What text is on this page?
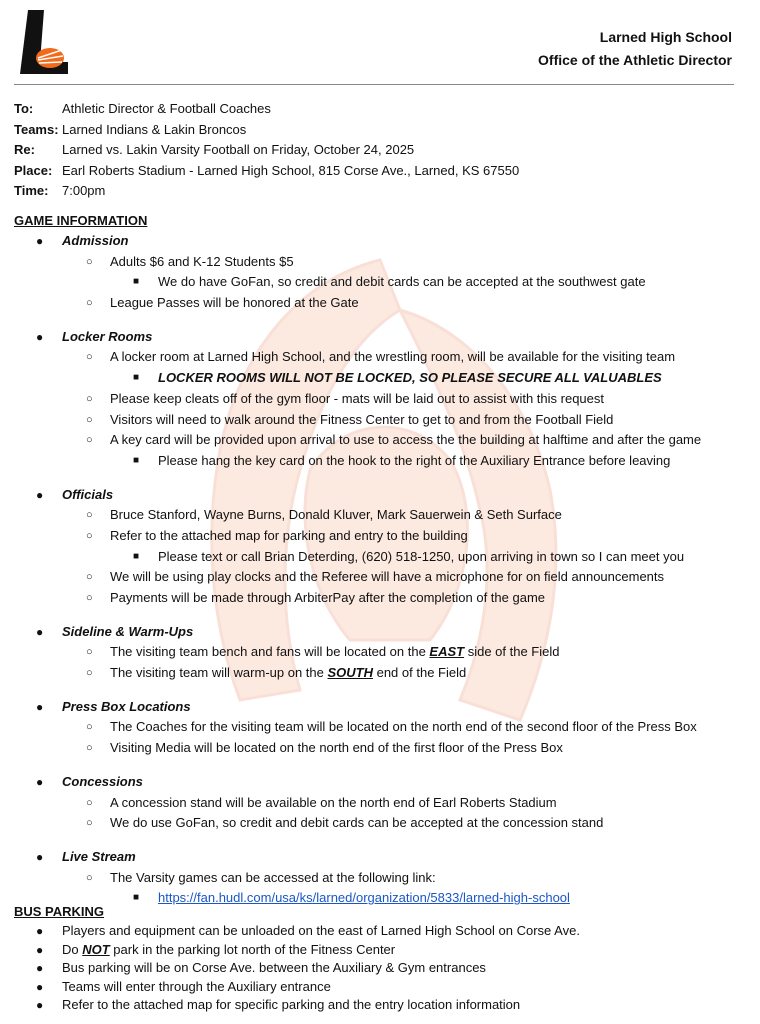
Larned High School
Office of the Athletic Director
To:	Athletic Director & Football Coaches
Teams: Larned Indians & Lakin Broncos
Re:	Larned vs. Lakin Varsity Football on Friday, October 24, 2025
Place: Earl Roberts Stadium - Larned High School, 815 Corse Ave., Larned, KS 67550
Time:	7:00pm
GAME INFORMATION
● Admission
○ Adults $6 and K-12 Students $5
■ We do have GoFan, so credit and debit cards can be accepted at the southwest gate
○ League Passes will be honored at the Gate
● Locker Rooms
○ A locker room at Larned High School, and the wrestling room, will be available for the visiting team
■ LOCKER ROOMS WILL NOT BE LOCKED, SO PLEASE SECURE ALL VALUABLES
○ Please keep cleats off of the gym floor - mats will be laid out to assist with this request
○ Visitors will need to walk around the Fitness Center to get to and from the Football Field
○ A key card will be provided upon arrival to use to access the the building at halftime and after the game
■ Please hang the key card on the hook to the right of the Auxiliary Entrance before leaving
● Officials
○ Bruce Stanford, Wayne Burns, Donald Kluver, Mark Sauerwein & Seth Surface
○ Refer to the attached map for parking and entry to the building
■ Please text or call Brian Deterding, (620) 518-1250, upon arriving in town so I can meet you
○ We will be using play clocks and the Referee will have a microphone for on field announcements
○ Payments will be made through ArbiterPay after the completion of the game
● Sideline & Warm-Ups
○ The visiting team bench and fans will be located on the EAST side of the Field
○ The visiting team will warm-up on the SOUTH end of the Field
● Press Box Locations
○ The Coaches for the visiting team will be located on the north end of the second floor of the Press Box
○ Visiting Media will be located on the north end of the first floor of the Press Box
● Concessions
○ A concession stand will be available on the north end of Earl Roberts Stadium
○ We do use GoFan, so credit and debit cards can be accepted at the concession stand
● Live Stream
○ The Varsity games can be accessed at the following link:
■ https://fan.hudl.com/usa/ks/larned/organization/5833/larned-high-school
BUS PARKING
● Players and equipment can be unloaded on the east of Larned High School on Corse Ave.
● Do NOT park in the parking lot north of the Fitness Center
● Bus parking will be on Corse Ave. between the Auxiliary & Gym entrances
● Teams will enter through the Auxiliary entrance
● Refer to the attached map for specific parking and the entry location information
